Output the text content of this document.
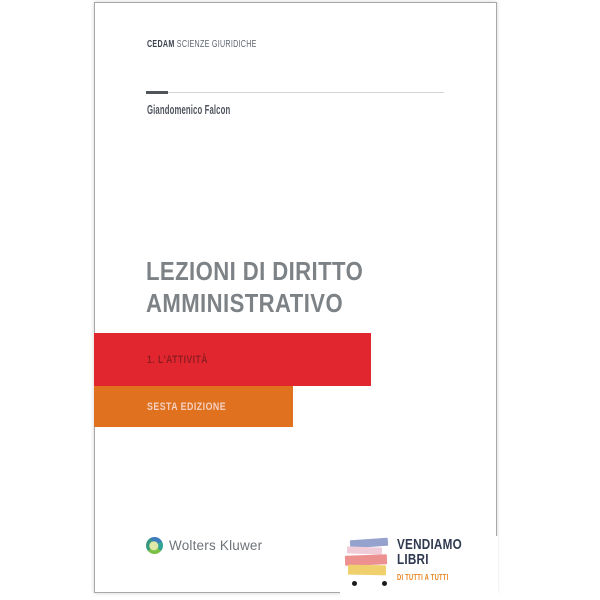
CEDAM SCIENZE GIURIDICHE
Giandomenico Falcon
LEZIONI DI DIRITTO
AMMINISTRATIVO
1. L'ATTIVITÀ
SESTA EDIZIONE
Wolters Kluwer	VENDIAMO
LIBRI
DI TUTTI A TUTTI
